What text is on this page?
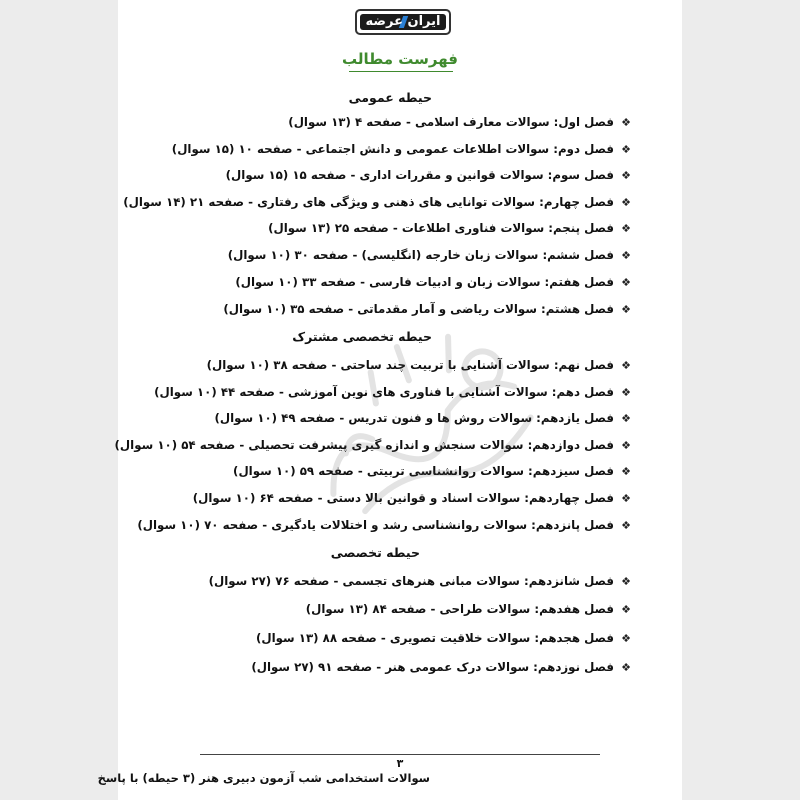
ایران عرضه
فهرست مطالب
حیطه عمومی
❖فصل اول: سوالات معارف اسلامی - صفحه ۴ (۱۳ سوال)
❖فصل دوم: سوالات اطلاعات عمومی و دانش اجتماعی - صفحه ۱۰ (۱۵ سوال)
❖فصل سوم: سوالات قوانین و مقررات اداری - صفحه ۱۵ (۱۵ سوال)
❖فصل چهارم: سوالات توانایی های ذهنی و ویژگی های رفتاری - صفحه ۲۱ (۱۴ سوال)
❖فصل پنجم: سوالات فناوری اطلاعات - صفحه ۲۵ (۱۳ سوال)
❖فصل ششم: سوالات زبان خارجه (انگلیسی) - صفحه ۳۰ (۱۰ سوال)
❖فصل هفتم: سوالات زبان و ادبیات فارسی - صفحه ۳۳ (۱۰ سوال)
❖فصل هشتم: سوالات ریاضی و آمار مقدماتی - صفحه ۳۵ (۱۰ سوال)
حیطه تخصصی مشترک
❖فصل نهم: سوالات آشنایی با تربیت چند ساحتی - صفحه ۳۸ (۱۰ سوال)
❖فصل دهم: سوالات آشنایی با فناوری های نوین آموزشی - صفحه ۴۴ (۱۰ سوال)
❖فصل یازدهم: سوالات روش ها و فنون تدریس - صفحه ۴۹ (۱۰ سوال)
❖فصل دوازدهم: سوالات سنجش و اندازه گیری پیشرفت تحصیلی - صفحه ۵۴ (۱۰ سوال)
❖فصل سیزدهم: سوالات روانشناسی تربیتی - صفحه ۵۹ (۱۰ سوال)
❖فصل چهاردهم: سوالات اسناد و قوانین بالا دستی - صفحه ۶۴ (۱۰ سوال)
❖فصل پانزدهم: سوالات روانشناسی رشد و اختلالات یادگیری - صفحه ۷۰ (۱۰ سوال)
حیطه تخصصی
❖فصل شانزدهم: سوالات مبانی هنرهای تجسمی - صفحه ۷۶ (۲۷ سوال)
❖فصل هفدهم: سوالات طراحی - صفحه ۸۴ (۱۳ سوال)
❖فصل هجدهم: سوالات خلاقیت تصویری - صفحه ۸۸ (۱۳ سوال)
❖فصل نوزدهم: سوالات درک عمومی هنر - صفحه ۹۱ (۲۷ سوال)
۳
سوالات استخدامی شب آزمون دبیری هنر (۳ حیطه) با پاسخ
